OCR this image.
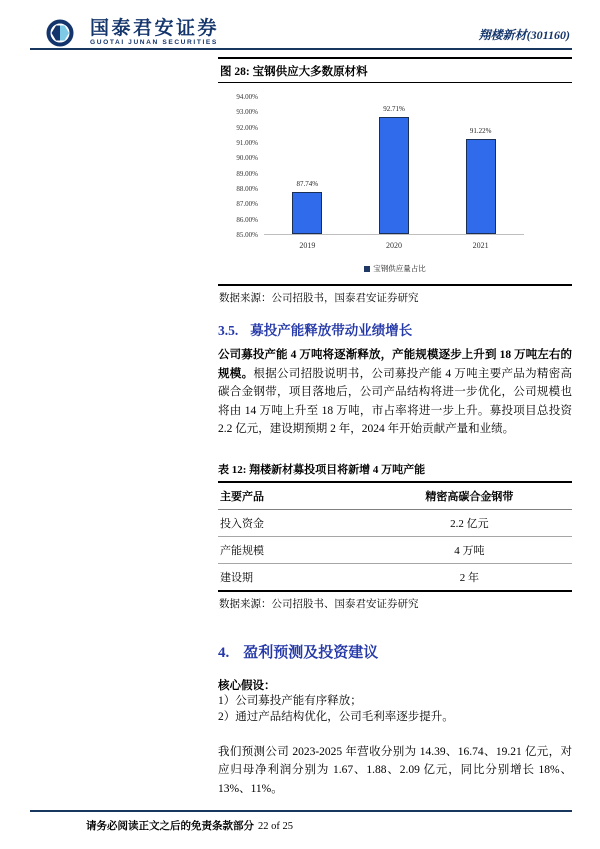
国泰君安证券
GUOTAI JUNAN SECURITIES
翔楼新材(301160)
图 28: 宝钢供应大多数原材料
85.00%
86.00%
87.00%
88.00%
89.00%
90.00%
91.00%
92.00%
93.00%
94.00%
87.74%
92.71%
91.22%
2019	2020	2021
宝钢供应量占比
数据来源：公司招股书，国泰君安证券研究
3.5. 募投产能释放带动业绩增长

公司募投产能 4 万吨将逐渐释放，产能规模逐步上升到 18 万吨左右的规模。根据公司招股说明书，公司募投产能 4 万吨主要产品为精密高碳合金钢带，项目落地后，公司产品结构将进一步优化，公司规模也将由 14 万吨上升至 18 万吨，市占率将进一步上升。募投项目总投资 2.2 亿元，建设期预期 2 年，2024 年开始贡献产量和业绩。

表 12: 翔楼新材募投项目将新增 4 万吨产能
主要产品	精密高碳合金钢带
投入资金	2.2 亿元
产能规模	4 万吨
建设期	2 年
数据来源：公司招股书、国泰君安证券研究
4. 盈利预测及投资建议
核心假设：
1）公司募投产能有序释放；
2）通过产品结构优化，公司毛利率逐步提升。

我们预测公司 2023-2025 年营收分别为 14.39、16.74、19.21 亿元，对应归母净利润分别为 1.67、1.88、2.09 亿元，同比分别增长 18%、13%、11%。

请务必阅读正文之后的免责条款部分 22 of 25
